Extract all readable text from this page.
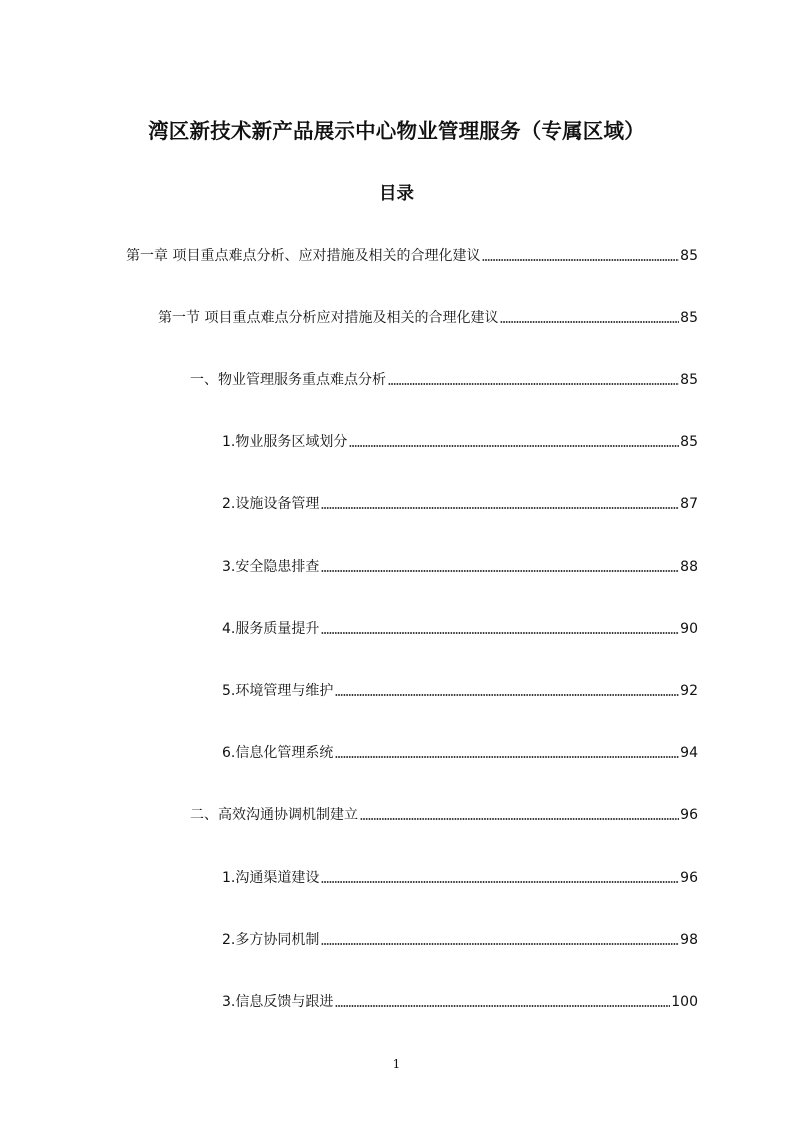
湾区新技术新产品展示中心物业管理服务（专属区域）
目录
第一章 项目重点难点分析、应对措施及相关的合理化建议	85
第一节 项目重点难点分析应对措施及相关的合理化建议	85
一、物业管理服务重点难点分析	85
1.物业服务区域划分	85
2.设施设备管理	87
3.安全隐患排查	88
4.服务质量提升	90
5.环境管理与维护	92
6.信息化管理系统	94
二、高效沟通协调机制建立	96
1.沟通渠道建设	96
2.多方协同机制	98
3.信息反馈与跟进	100
1
